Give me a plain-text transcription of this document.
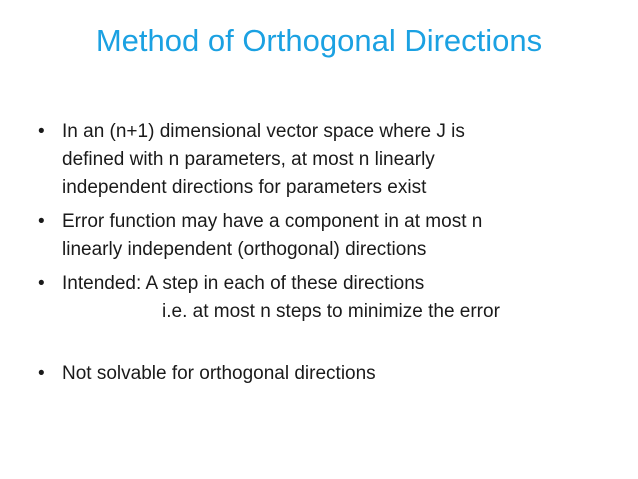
Method of Orthogonal Directions
• In an (n+1) dimensional vector space where J is
defined with n parameters, at most n linearly
independent directions for parameters exist
• Error function may have a component in at most n
linearly independent (orthogonal) directions
• Intended: A step in each of these directions
i.e. at most n steps to minimize the error
• Not solvable for orthogonal directions
